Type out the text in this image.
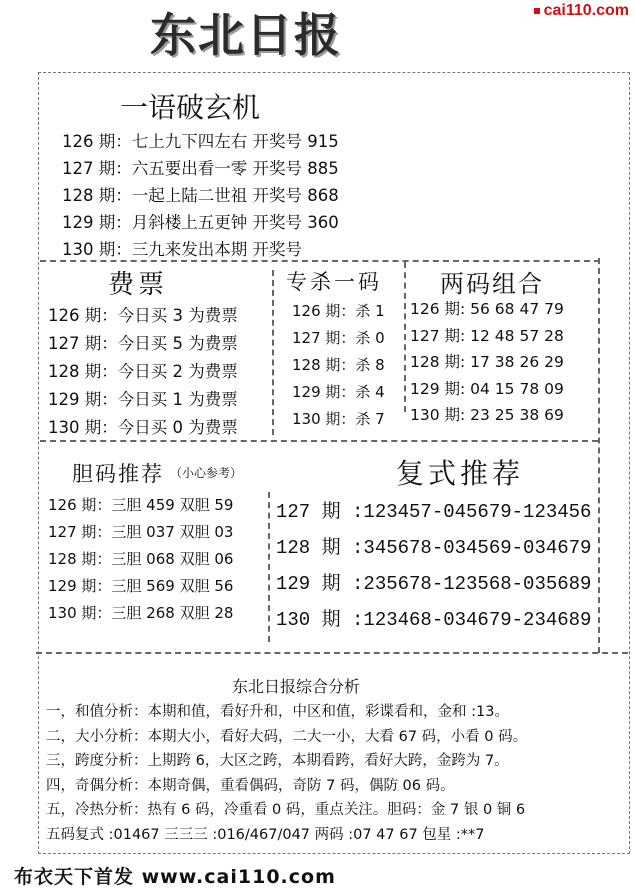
东北日报	cai110.com
一语破玄机
126 期：七上九下四左右 开奖号 915
127 期：六五要出看一零 开奖号 885
128 期：一起上陆二世祖 开奖号 868
129 期：月斜楼上五更钟 开奖号 360
130 期：三九来发出本期 开奖号
费票
126 期：今日买 3 为费票
127 期：今日买 5 为费票
128 期：今日买 2 为费票
129 期：今日买 1 为费票
130 期：今日买 0 为费票
专杀一码
126 期：杀 1
127 期：杀 0
128 期：杀 8
129 期：杀 4
130 期：杀 7
两码组合
126 期: 56 68 47 79
127 期: 12 48 57 28
128 期: 17 38 26 29
129 期: 04 15 78 09
130 期: 23 25 38 69
胆码推荐 （小心参考）
126 期：三胆 459 双胆 59
127 期：三胆 037 双胆 03
128 期：三胆 068 双胆 06
129 期：三胆 569 双胆 56
130 期：三胆 268 双胆 28
复式推荐
127 期 :123457-045679-123456
128 期 :345678-034569-034679
129 期 :235678-123568-035689
130 期 :123468-034679-234689
东北日报综合分析
一，和值分析：本期和值，看好升和，中区和值，彩谍看和，金和 :13。
二，大小分析：本期大小，看好大码，二大一小，大看 67 码，小看 0 码。
三，跨度分析：上期跨 6，大区之跨，本期看跨，看好大跨，金跨为 7。
四，奇偶分析：本期奇偶，重看偶码，奇防 7 码，偶防 06 码。
五，冷热分析：热有 6 码，冷重看 0 码，重点关注。胆码：金 7 银 0 铜 6
五码复式 :01467 三三三 :016/467/047 两码 :07 47 67 包星 :**7
布衣天下首发 www.cai110.com
